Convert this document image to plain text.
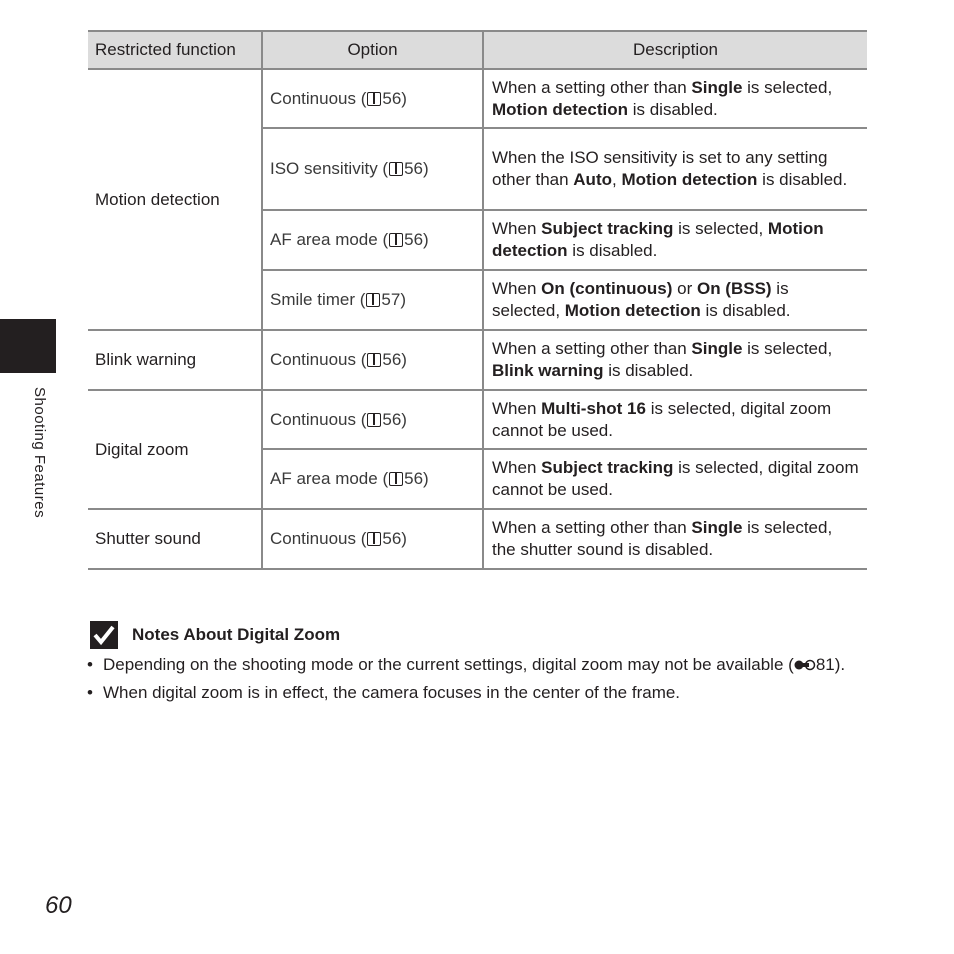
Restricted function	Option	Description
Motion detection	Continuous ( 56)	When a setting other than Single is selected, Motion detection is disabled.
	ISO sensitivity ( 56)	When the ISO sensitivity is set to any setting other than Auto, Motion detection is disabled.
	AF area mode ( 56)	When Subject tracking is selected, Motion detection is disabled.
	Smile timer ( 57)	When On (continuous) or On (BSS) is selected, Motion detection is disabled.
Blink warning	Continuous ( 56)	When a setting other than Single is selected, Blink warning is disabled.
Digital zoom	Continuous ( 56)	When Multi-shot 16 is selected, digital zoom cannot be used.
	AF area mode ( 56)	When Subject tracking is selected, digital zoom cannot be used.
Shutter sound	Continuous ( 56)	When a setting other than Single is selected, the shutter sound is disabled.
Notes About Digital Zoom
• Depending on the shooting mode or the current settings, digital zoom may not be available ( 81).
• When digital zoom is in effect, the camera focuses in the center of the frame.
Shooting Features
60
